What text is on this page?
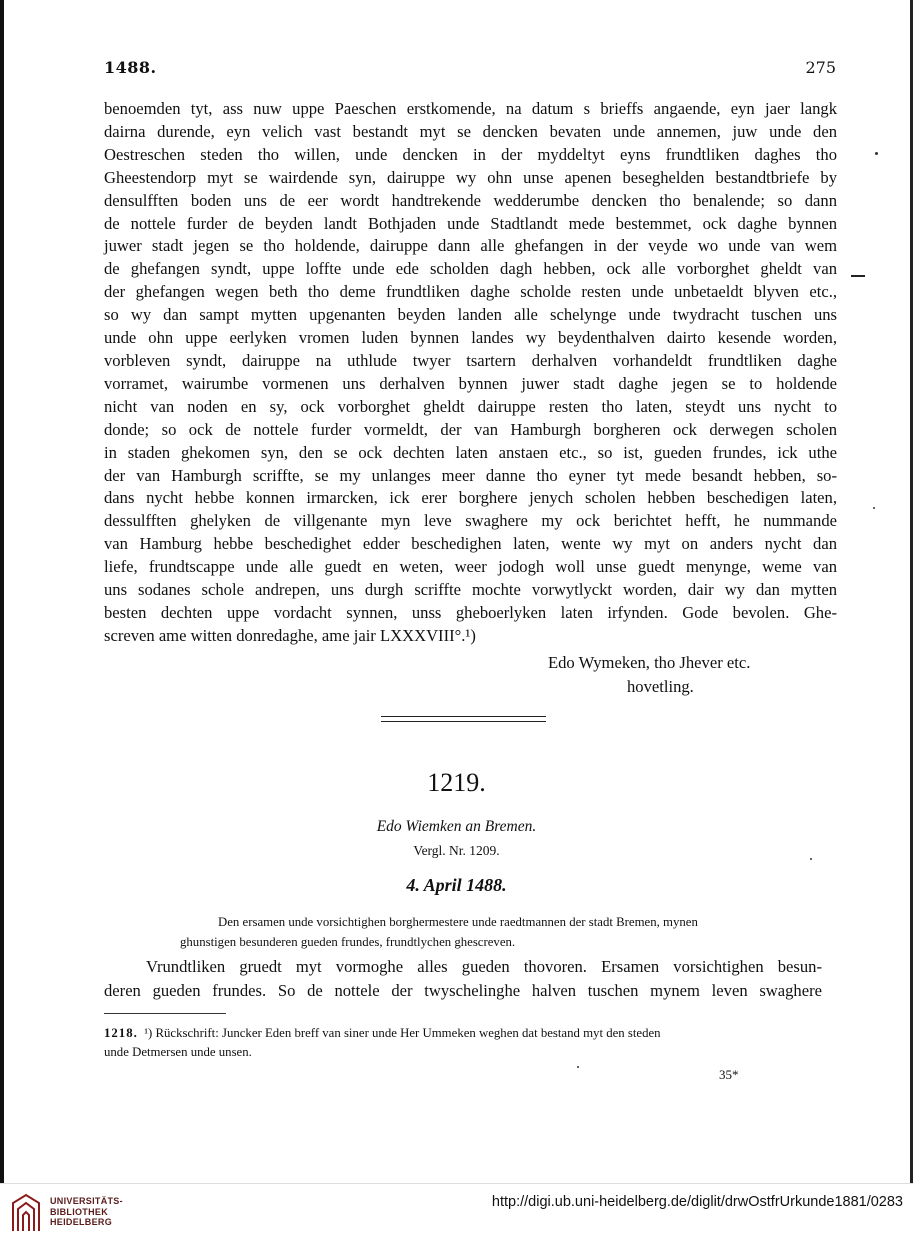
1488.	275
benoemden tyt, ass nuw uppe Paeschen erstkomende, na datum s brieffs angaende, eyn jaer langk
dairna durende, eyn velich vast bestandt myt se dencken bevaten unde annemen, juw unde den
Oestreschen steden tho willen, unde dencken in der myddeltyt eyns frundtliken daghes tho
Gheestendorp myt se wairdende syn, dairuppe wy ohn unse apenen beseghelden bestandtbriefe by
densulfften boden uns de eer wordt handtrekende wedderumbe dencken tho benalende; so dann
de nottele furder de beyden landt Bothjaden unde Stadtlandt mede bestemmet, ock daghe bynnen
juwer stadt jegen se tho holdende, dairuppe dann alle ghefangen in der veyde wo unde van wem
de ghefangen syndt, uppe loffte unde ede scholden dagh hebben, ock alle vorborghet gheldt van
der ghefangen wegen beth tho deme frundtliken daghe scholde resten unde unbetaeldt blyven etc.,
so wy dan sampt mytten upgenanten beyden landen alle schelynge unde twydracht tuschen uns
unde ohn uppe eerlyken vromen luden bynnen landes wy beydenthalven dairto kesende worden,
vorbleven syndt, dairuppe na uthlude twyer tsartern derhalven vorhandeldt frundtliken daghe
vorramet, wairumbe vormenen uns derhalven bynnen juwer stadt daghe jegen se to holdende
nicht van noden en sy, ock vorborghet gheldt dairuppe resten tho laten, steydt uns nycht to
donde; so ock de nottele furder vormeldt, der van Hamburgh borgheren ock derwegen scholen
in staden ghekomen syn, den se ock dechten laten anstaen etc., so ist, gueden frundes, ick uthe
der van Hamburgh scriffte, se my unlanges meer danne tho eyner tyt mede besandt hebben, so-
dans nycht hebbe konnen irmarcken, ick erer borghere jenych scholen hebben beschedigen laten,
dessulfften ghelyken de villgenante myn leve swaghere my ock berichtet hefft, he nummande
van Hamburg hebbe beschedighet edder beschedighen laten, wente wy myt on anders nycht dan
liefe, frundtscappe unde alle guedt en weten, weer jodogh woll unse guedt menynge, weme van
uns sodanes schole andrepen, uns durgh scriffte mochte vorwytlyckt worden, dair wy dan mytten
besten dechten uppe vordacht synnen, unss gheboerlyken laten irfynden. Gode bevolen. Ghe-
screven ame witten donredaghe, ame jair LXXXVIII°.¹)
Edo Wymeken, tho Jhever etc.
hovetling.
1219.
Edo Wiemken an Bremen.
Vergl. Nr. 1209.
4. April 1488.
Den ersamen unde vorsichtighen borghermestere unde raedtmannen der stadt Bremen, mynen
ghunstigen besunderen gueden frundes, frundtlychen ghescreven.
Vrundtliken gruedt myt vormoghe alles gueden thovoren. Ersamen vorsichtighen besun-
deren gueden frundes. So de nottele der twyschelinghe halven tuschen mynem leven swaghere
1218. ¹) Rückschrift: Juncker Eden breff van siner unde Her Ummeken weghen dat bestand myt den steden
unde Detmersen unde unsen.
35*
UNIVERSITÄTS-
BIBLIOTHEK
HEIDELBERG
http://digi.ub.uni-heidelberg.de/diglit/drwOstfrUrkunde1881/0283
